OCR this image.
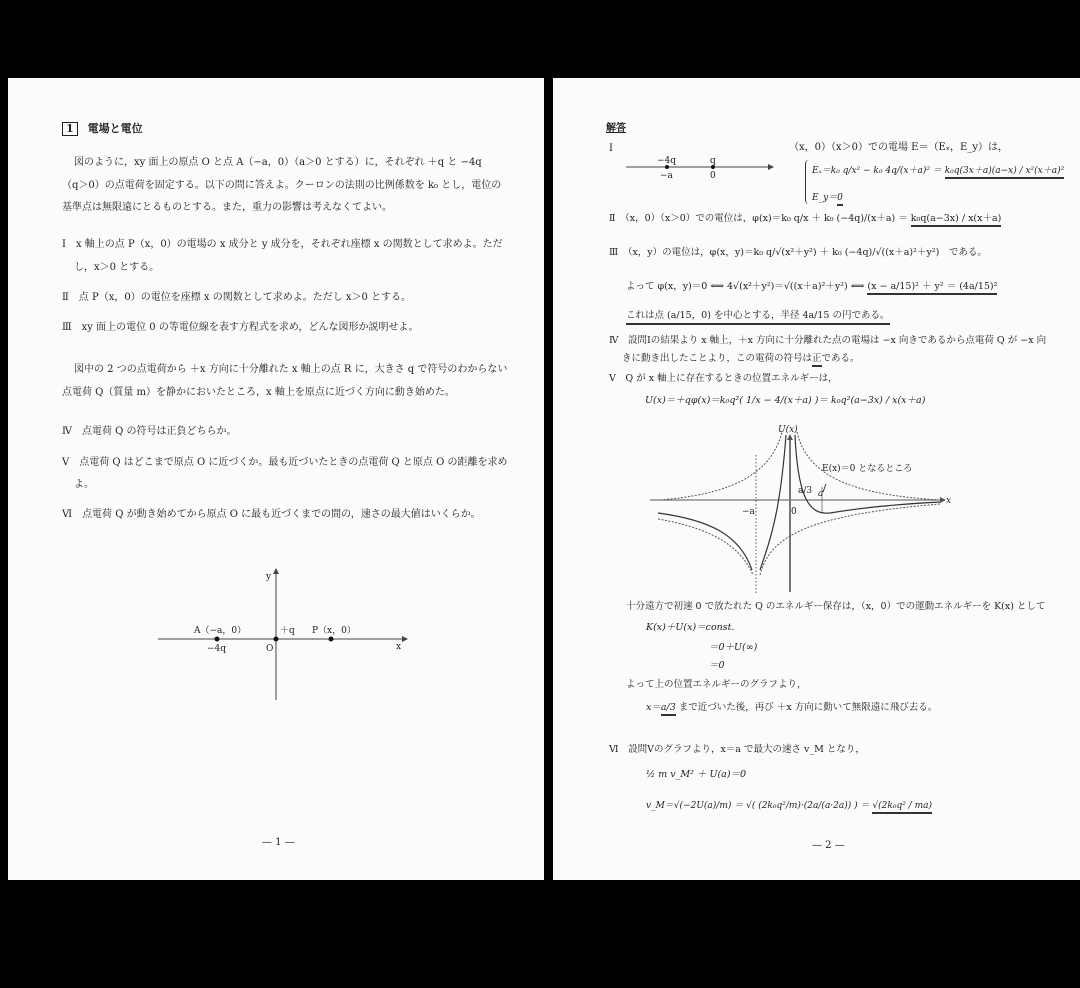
1 電場と電位
図のように，xy 面上の原点 O と点 A（−a，0）（a＞0 とする）に，それぞれ ＋q と −4q
（q＞0）の点電荷を固定する。以下の問に答えよ。クーロンの法則の比例係数を k₀ とし，電位の
基準点は無限遠にとるものとする。また，重力の影響は考えなくてよい。
Ⅰ　 x 軸上の点 P（x，0）の電場の x 成分と y 成分を，それぞれ座標 x の関数として求めよ。ただ
し，x＞0 とする。
Ⅱ　 点 P（x，0）の電位を座標 x の関数として求めよ。ただし x＞0 とする。
Ⅲ　 xy 面上の電位 0 の等電位線を表す方程式を求め，どんな図形か説明せよ。
図中の 2 つの点電荷から ＋x 方向に十分離れた x 軸上の点 R に，大きさ q で符号のわからない
点電荷 Q（質量 m）を静かにおいたところ，x 軸上を原点に近づく方向に動き始めた。
Ⅳ　 点電荷 Q の符号は正負どちらか。
Ⅴ　 点電荷 Q はどこまで原点 O に近づくか。最も近づいたときの点電荷 Q と原点 O の距離を求め
よ。
Ⅵ　 点電荷 Q が動き始めてから原点 O に最も近づくまでの間の，速さの最大値はいくらか。
y
x
A（−a，0）
−4q	O
＋q P（x，0）
— 1 —
解答
Ⅰ
−4q
−a
q
0
（x，0）（x＞0）での電場 E＝（Eₓ，E_y）は，
Eₓ＝k₀ q/x² − k₀ 4q/(x＋a)² ＝ k₀q(3x＋a)(a−x) / x²(x＋a)²
E_y＝0
Ⅱ　 （x，0）（x＞0）での電位は，φ(x)＝k₀ q/x ＋ k₀ (−4q)/(x＋a) ＝ k₀q(a−3x) / x(x＋a)
Ⅲ　 （x，y）の電位は，φ(x，y)＝k₀ q/√(x²＋y²) ＋ k₀ (−4q)/√((x＋a)²＋y²)　である。
よって φ(x，y)＝0 ⟺ 4√(x²＋y²)＝√((x＋a)²＋y²) ⟺ (x − a/15)² ＋ y² ＝ (4a/15)²
これは点 (a/15，0) を中心とする，半径 4a/15 の円である。
Ⅳ　 設問Ⅰの結果より x 軸上，＋x 方向に十分離れた点の電場は −x 向きであるから点電荷 Q が −x 向
きに動き出したことより，この電荷の符号は正である。
Ⅴ　 Q が x 軸上に存在するときの位置エネルギーは，
U(x)＝＋qφ(x)＝k₀q²( 1/x − 4/(x＋a) )＝ k₀q²(a−3x) / x(x＋a)
U(x)
x
−a	0
a/3 a
E(x)＝0 となるところ
十分遠方で初速 0 で放たれた Q のエネルギー保存は，（x，0）での運動エネルギーを K(x) として
K(x)＋U(x)＝const.
＝0＋U(∞)
＝0
よって上の位置エネルギーのグラフより，
x＝a/3 まで近づいた後，再び ＋x 方向に動いて無限遠に飛び去る。
Ⅵ　 設問Ⅴのグラフより，x＝a で最大の速さ v_M となり，
½ m v_M² ＋ U(a)＝0
v_M＝√(−2U(a)/m) ＝ √( (2k₀q²/m)·(2a/(a·2a)) ) ＝ √(2k₀q² / ma)
— 2 —
